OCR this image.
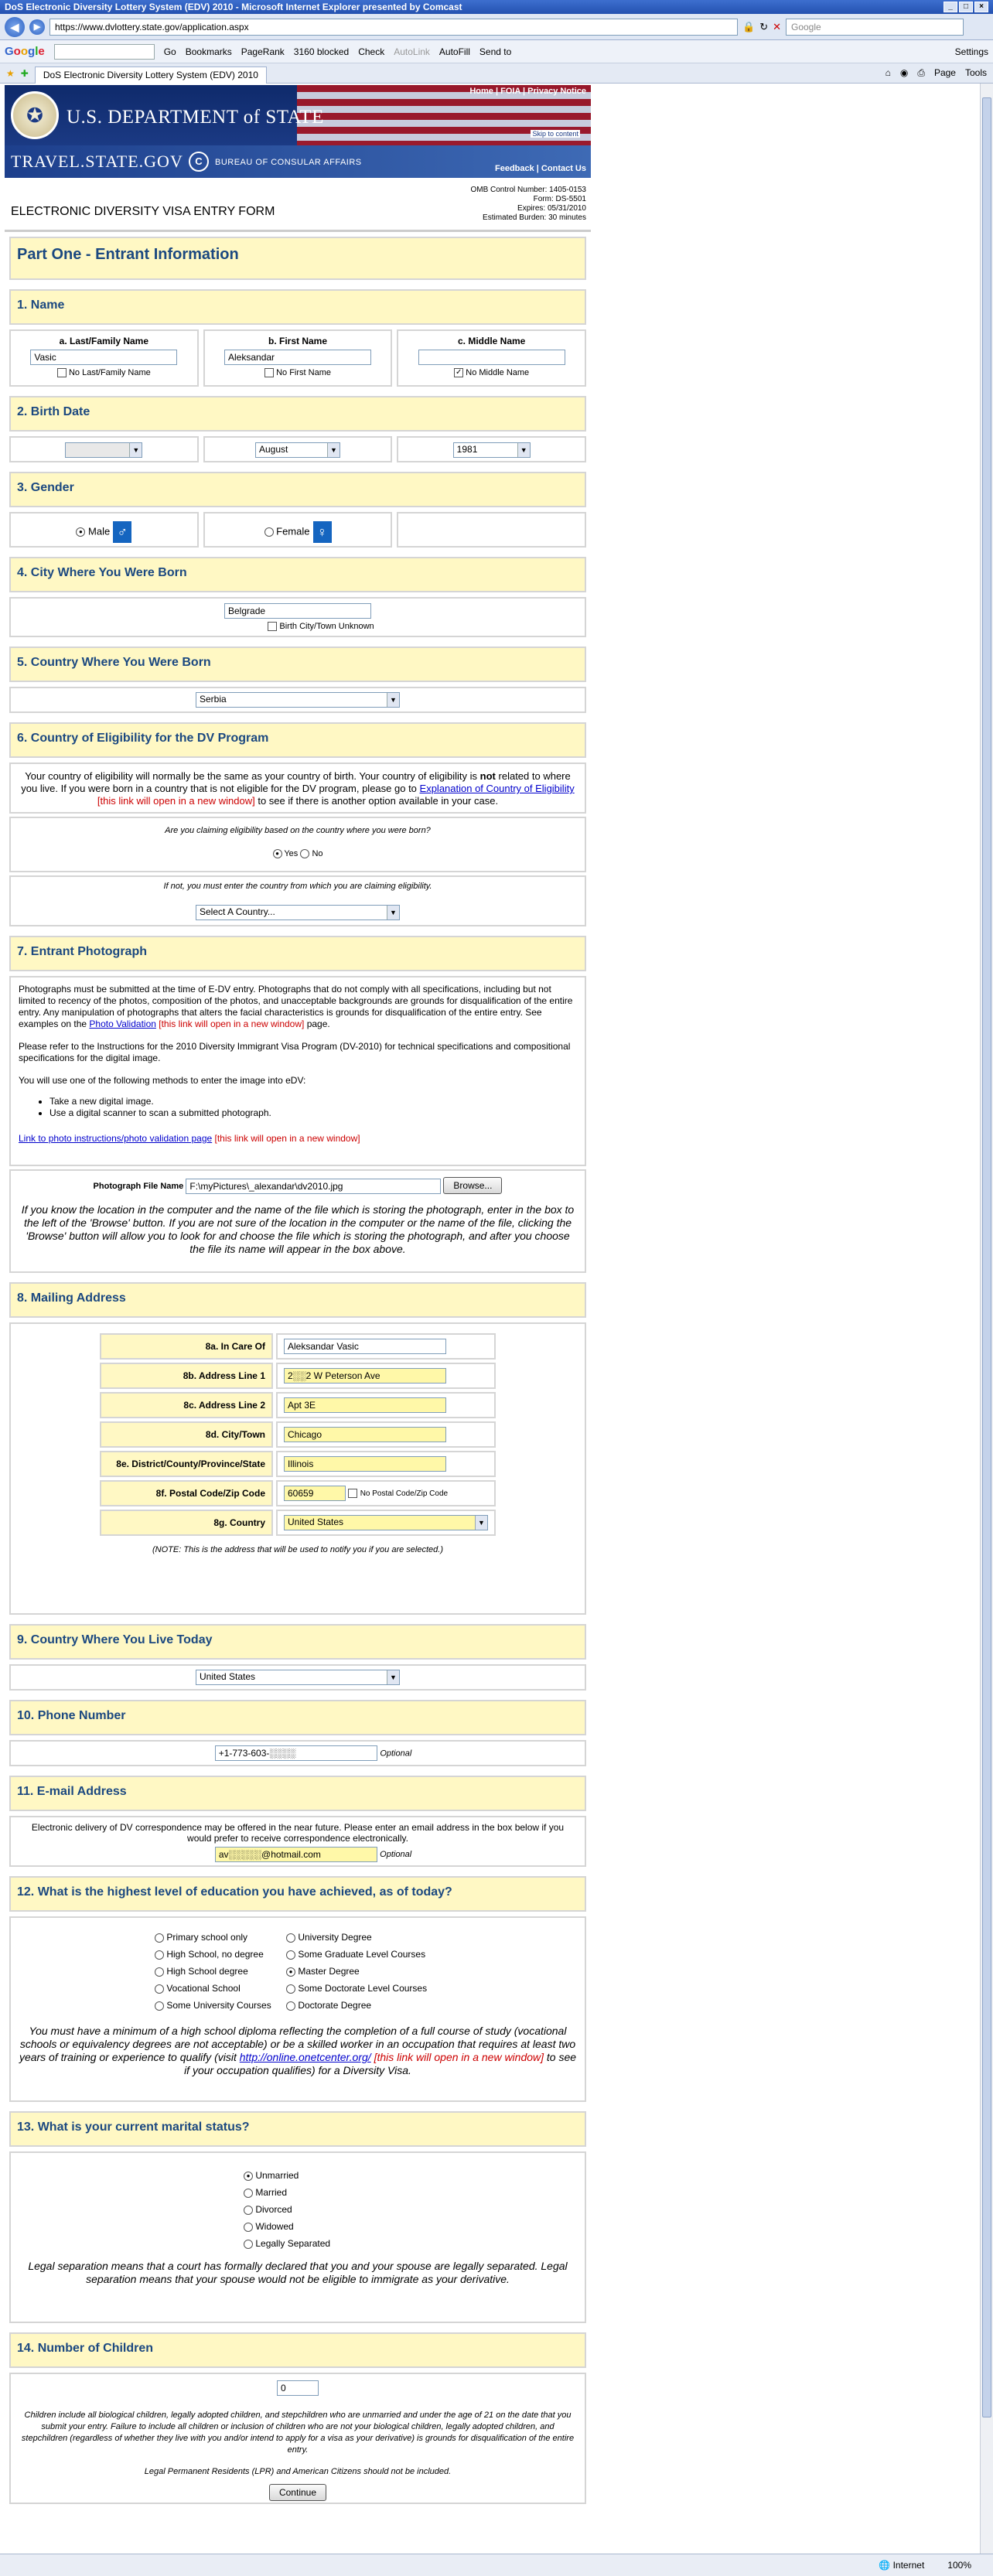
DoS Electronic Diversity Lottery System (EDV) 2010 - Microsoft Internet Explorer presented by Comcast	_	□	×
◀	▶	https://www.dvlottery.state.gov/application.aspx	🔒 ↻ ✕	Google
Google	Go Bookmarks PageRank 3160 blocked Check AutoLink AutoFill Send to	Settings
★ ✚	DoS Electronic Diversity Lottery System (EDV) 2010	⌂ ◉ ⎙ Page Tools
Home | FOIA | Privacy Notice
✪	U.S. DEPARTMENT of STATE
Skip to content
TRAVEL.STATE.GOV	C	BUREAU OF CONSULAR AFFAIRS
Feedback | Contact Us
ELECTRONIC DIVERSITY VISA ENTRY FORM
OMB Control Number: 1405-0153
Form: DS-5501
Expires: 05/31/2010
Estimated Burden: 30 minutes
Part One - Entrant Information
1. Name
a. Last/Family Name
Vasic
No Last/Family Name
b. First Name
Aleksandar
No First Name
c. Middle Name
✓ No Middle Name
2. Birth Date
▼	August	▼	1981	▼
3. Gender
● Male ♂	Female ♀
4. City Where You Were Born
Belgrade
Birth City/Town Unknown
5. Country Where You Were Born
Serbia	▼
6. Country of Eligibility for the DV Program
Your country of eligibility will normally be the same as your country of birth. Your country of eligibility is not related to where you live. If you were born in a country that is not eligible for the DV program, please go to Explanation of Country of Eligibility [this link will open in a new window] to see if there is another option available in your case.
Are you claiming eligibility based on the country where you were born?
● Yes No
If not, you must enter the country from which you are claiming eligibility.
Select A Country...	▼
7. Entrant Photograph

Photographs must be submitted at the time of E-DV entry. Photographs that do not comply with all specifications, including but not limited to recency of the photos, composition of the photos, and unacceptable backgrounds are grounds for disqualification of the entire entry. Any manipulation of photographs that alters the facial characteristics is grounds for disqualification of the entire entry. See examples on the Photo Validation [this link will open in a new window] page.

Please refer to the Instructions for the 2010 Diversity Immigrant Visa Program (DV-2010) for technical specifications and compositional specifications for the digital image.

You will use one of the following methods to enter the image into eDV:

• Take a new digital image.
• Use a digital scanner to scan a submitted photograph.

Link to photo instructions/photo validation page [this link will open in a new window]

Photograph File Name F:\myPictures\_alexandar\dv2010.jpg	Browse...

If you know the location in the computer and the name of the file which is storing the photograph, enter in the box to the left of the 'Browse' button. If you are not sure of the location in the computer or the name of the file, clicking the 'Browse' button will allow you to look for and choose the file which is storing the photograph, and after you choose the file its name will appear in the box above.

8. Mailing Address
8a. In Care Of	Aleksandar Vasic
8b. Address Line 1	2░░2 W Peterson Ave
8c. Address Line 2	Apt 3E
8d. City/Town	Chicago
8e. District/County/Province/State	Illinois
8f. Postal Code/Zip Code	60659 No Postal Code/Zip Code
8g. Country	United States ▼
(NOTE: This is the address that will be used to notify you if you are selected.)
9. Country Where You Live Today
United States	▼
10. Phone Number
+1-773-603-░░░░	Optional
11. E-mail Address
Electronic delivery of DV correspondence may be offered in the near future. Please enter an email address in the box below if you would prefer to receive correspondence electronically.
av░░░░░@hotmail.com	Optional
12. What is the highest level of education you have achieved, as of today?
Primary school only	University Degree
High School, no degree	Some Graduate Level Courses
High School degree	● Master Degree
Vocational School	Some Doctorate Level Courses
Some University Courses	Doctorate Degree

You must have a minimum of a high school diploma reflecting the completion of a full course of study (vocational schools or equivalency degrees are not acceptable) or be a skilled worker in an occupation that requires at least two years of training or experience to qualify (visit http://online.onetcenter.org/ [this link will open in a new window] to see if your occupation qualifies) for a Diversity Visa.

13. What is your current marital status?
● Unmarried
Married
Divorced
Widowed
Legally Separated

Legal separation means that a court has formally declared that you and your spouse are legally separated. Legal separation means that your spouse would not be eligible to immigrate as your derivative.

14. Number of Children
0

Children include all biological children, legally adopted children, and stepchildren who are unmarried and under the age of 21 on the date that you submit your entry. Failure to include all children or inclusion of children who are not your biological children, legally adopted children, and stepchildren (regardless of whether they live with you and/or intend to apply for a visa as your derivative) is grounds for disqualification of the entire entry.

Legal Permanent Residents (LPR) and American Citizens should not be included.

Continue
🌐 Internet	100%
